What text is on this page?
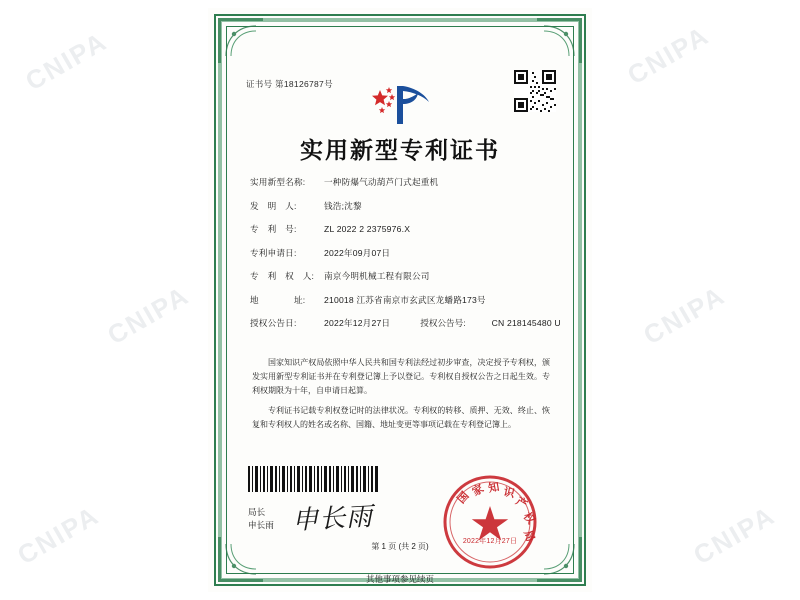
CNIPA
CNIPA
CNIPA
CNIPA
CNIPA
CNIPA
证书号 第18126787号
实用新型专利证书
实用新型名称:	一种防爆气动葫芦门式起重机
发　明　人:	钱浩;沈黎
专　利　号:	ZL 2022 2 2375976.X
专利申请日:	2022年09月07日
专　利　权　人:	南京今明机械工程有限公司
地　　　　址:	210018 江苏省南京市玄武区龙蟠路173号
授权公告日:	2022年12月27日	授权公告号:	CN 218145480 U

国家知识产权局依照中华人民共和国专利法经过初步审查，决定授予专利权，颁发实用新型专利证书并在专利登记簿上予以登记。专利权自授权公告之日起生效。专利权期限为十年，自申请日起算。

专利证书记载专利权登记时的法律状况。专利权的转移、质押、无效、终止、恢复和专利权人的姓名或名称、国籍、地址变更等事项记载在专利登记簿上。

局长
申长雨 申长雨
国
家 知 识
产
权
局
2022年12月27日
第 1 页 (共 2 页)
其他事项参见续页
